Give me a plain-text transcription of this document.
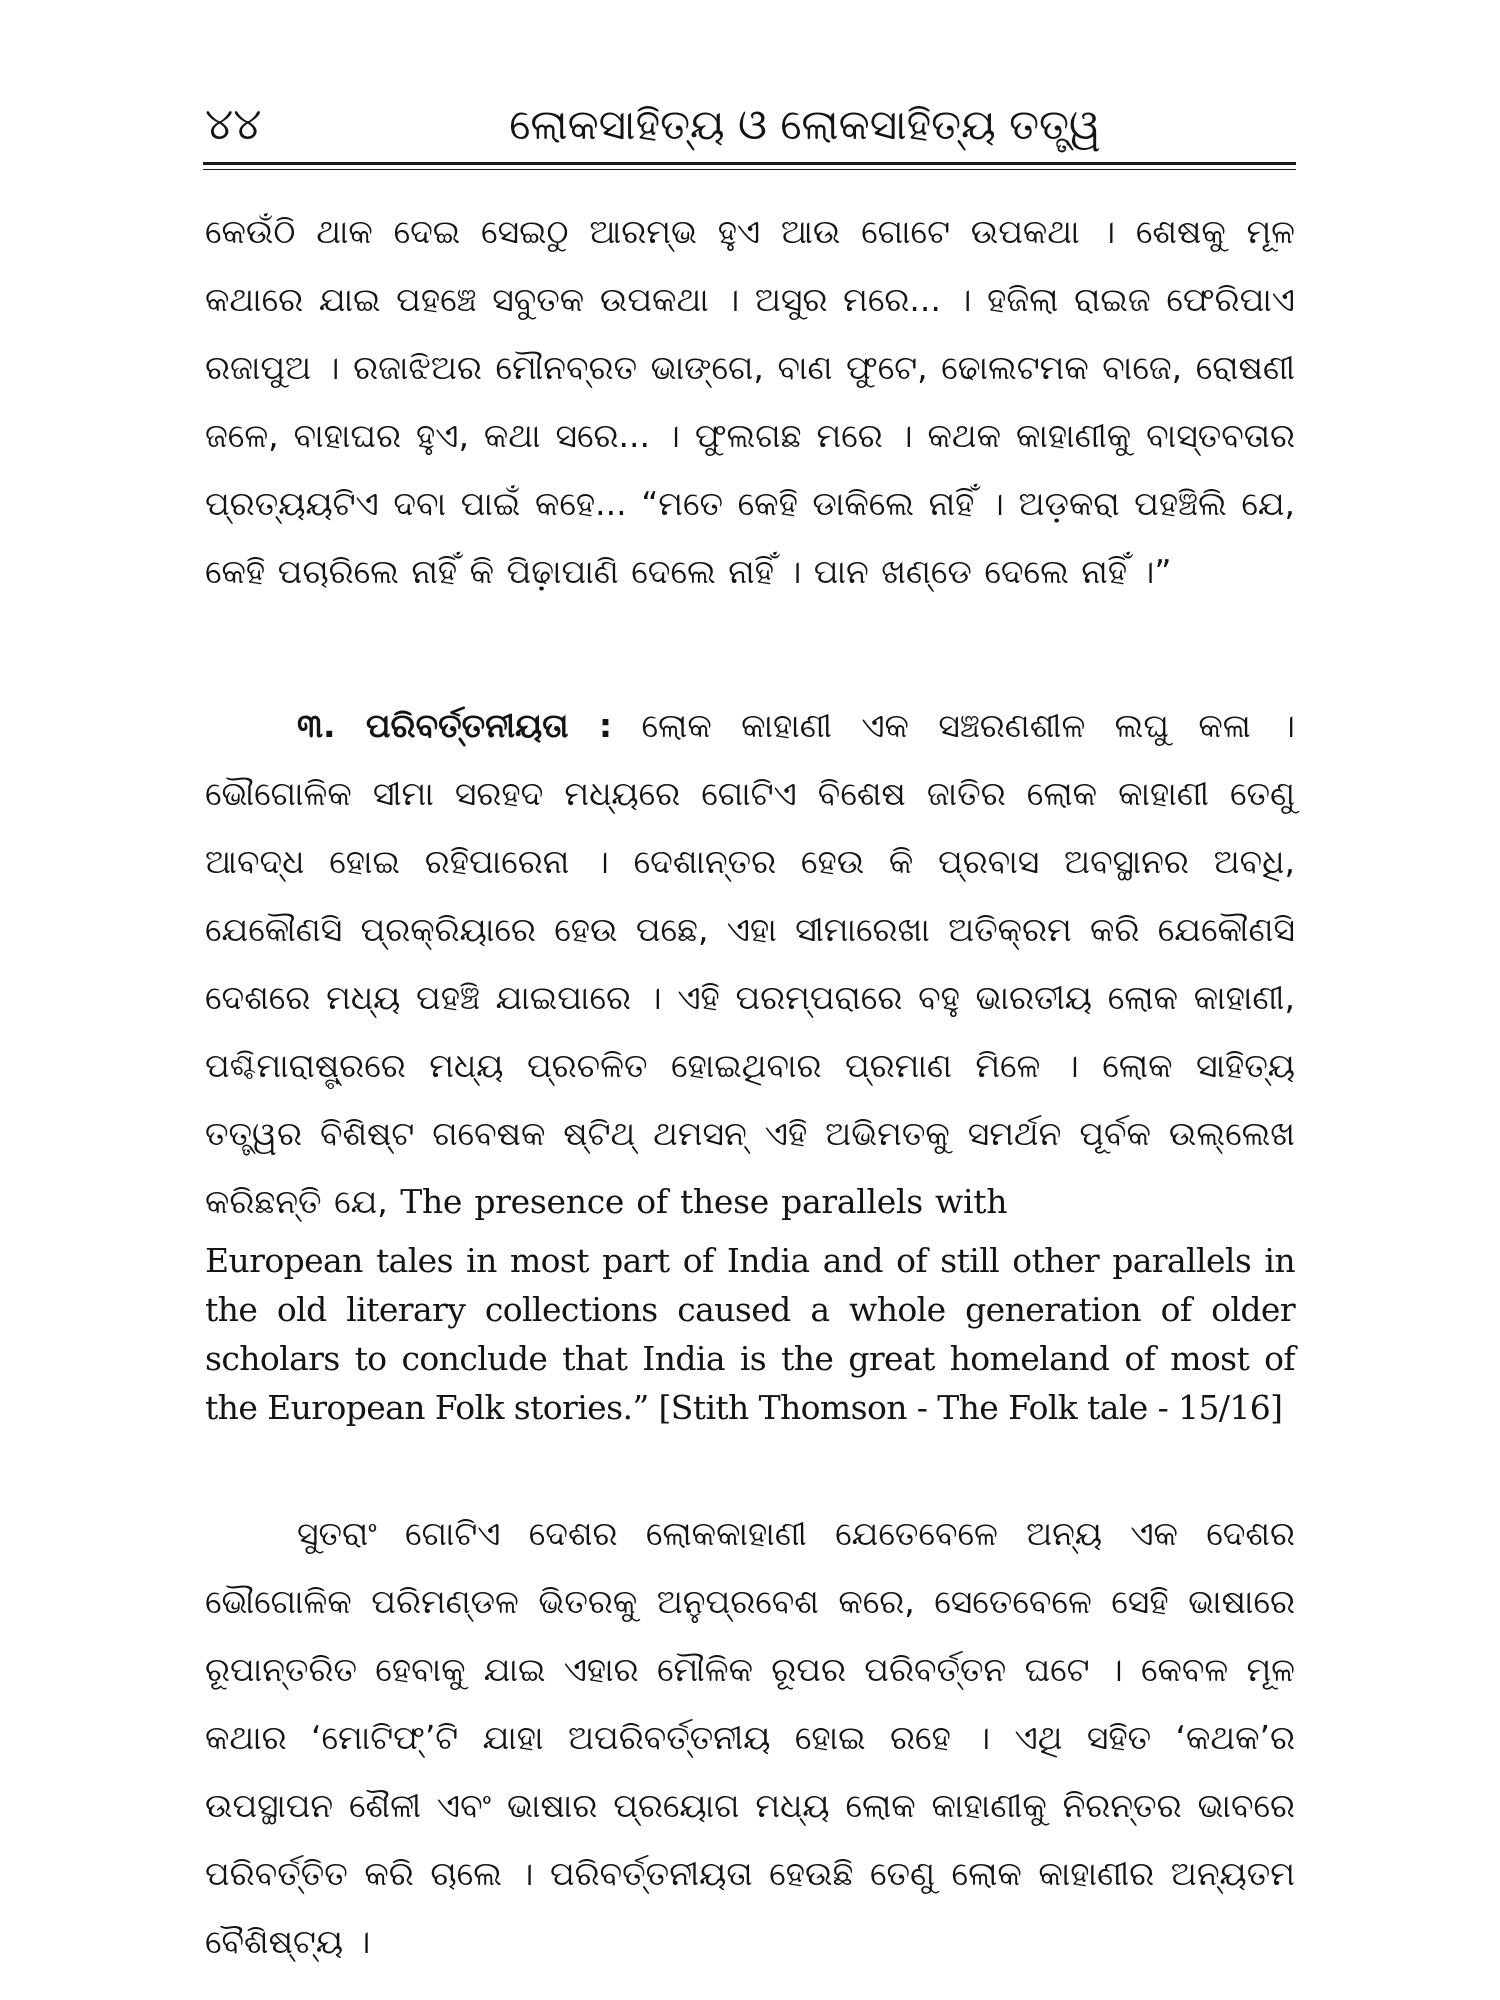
୪୪	ଲୋକସାହିତ୍ୟ ଓ ଲୋକସାହିତ୍ୟ ତତ୍ତ୍ୱ

କେଉଁଠି ଥାକ ଦେଇ ସେଇଠୁ ଆରମ୍ଭ ହୁଏ ଆଉ ଗୋଟେ ଉପକଥା । ଶେଷକୁ ମୂଳ କଥାରେ ଯାଇ ପହଞ୍ଚେ ସବୁତକ ଉପକଥା । ଅସୁର ମରେ... । ହଜିଲା ରାଇଜ ଫେରିପାଏ ରଜାପୁଅ । ରଜାଝିଅର ମୌନବ୍ରତ ଭାଙ୍ଗେ, ବାଣ ଫୁଟେ, ଢୋଲଟମକ ବାଜେ, ରୋଷଣୀ ଜଳେ, ବାହାଘର ହୁଏ, କଥା ସରେ... । ଫୁଲଗଛ ମରେ । କଥକ କାହାଣୀକୁ ବାସ୍ତବତାର ପ୍ରତ୍ୟୟଟିଏ ଦବା ପାଇଁ କହେ... “ମତେ କେହି ଡାକିଲେ ନାହିଁ । ଅଡ଼କରା ପହଞ୍ଚିଲି ଯେ, କେହି ପଚାରିଲେ ନାହିଁ କି ପିଢ଼ାପାଣି ଦେଲେ ନାହିଁ । ପାନ ଖଣ୍ଡେ ଦେଲେ ନାହିଁ ।”

୩. ପରିବର୍ତ୍ତନୀୟତା : ଲୋକ କାହାଣୀ ଏକ ସଞ୍ଚରଣଶୀଳ ଲଘୁ କଳା । ଭୌଗୋଳିକ ସୀମା ସରହଦ ମଧ୍ୟରେ ଗୋଟିଏ ବିଶେଷ ଜାତିର ଲୋକ କାହାଣୀ ତେଣୁ ଆବଦ୍ଧ ହୋଇ ରହିପାରେନା । ଦେଶାନ୍ତର ହେଉ କି ପ୍ରବାସ ଅବସ୍ଥାନର ଅବଧି, ଯେକୌଣସି ପ୍ରକ୍ରିୟାରେ ହେଉ ପଛେ, ଏହା ସୀମାରେଖା ଅତିକ୍ରମ କରି ଯେକୌଣସି ଦେଶରେ ମଧ୍ୟ ପହଞ୍ଚି ଯାଇପାରେ । ଏହି ପରମ୍ପରାରେ ବହୁ ଭାରତୀୟ ଲୋକ କାହାଣୀ, ପଶ୍ଚିମାରାଷ୍ଟ୍ରରେ ମଧ୍ୟ ପ୍ରଚଳିତ ହୋଇଥିବାର ପ୍ରମାଣ ମିଳେ । ଲୋକ ସାହିତ୍ୟ ତତ୍ତ୍ୱର ବିଶିଷ୍ଟ ଗବେଷକ ଷ୍ଟିଥ୍ ଥମସନ୍ ଏହି ଅଭିମତକୁ ସମର୍ଥନ ପୂର୍ବକ ଉଲ୍ଲେଖ କରିଛନ୍ତି ଯେ, The presence of these parallels with

European tales in most part of India and of still other parallels in the old literary collections caused a whole generation of older scholars to conclude that India is the great homeland of most of the European Folk stories.” [Stith Thomson - The Folk tale - 15/16]

ସୁତରାଂ ଗୋଟିଏ ଦେଶର ଲୋକକାହାଣୀ ଯେତେବେଳେ ଅନ୍ୟ ଏକ ଦେଶର ଭୌଗୋଳିକ ପରିମଣ୍ଡଳ ଭିତରକୁ ଅନୁପ୍ରବେଶ କରେ, ସେତେବେଳେ ସେହି ଭାଷାରେ ରୂପାନ୍ତରିତ ହେବାକୁ ଯାଇ ଏହାର ମୌଳିକ ରୂପର ପରିବର୍ତ୍ତନ ଘଟେ । କେବଳ ମୂଳ କଥାର ‘ମୋଟିଫ୍’ଟି ଯାହା ଅପରିବର୍ତ୍ତନୀୟ ହୋଇ ରହେ । ଏଥି ସହିତ ‘କଥକ’ର ଉପସ୍ଥାପନ ଶୈଳୀ ଏବଂ ଭାଷାର ପ୍ରୟୋଗ ମଧ୍ୟ ଲୋକ କାହାଣୀକୁ ନିରନ୍ତର ଭାବରେ ପରିବର୍ତ୍ତିତ କରି ଚାଲେ । ପରିବର୍ତ୍ତନୀୟତା ହେଉଛି ତେଣୁ ଲୋକ କାହାଣୀର ଅନ୍ୟତମ ବୈଶିଷ୍ଟ୍ୟ ।
